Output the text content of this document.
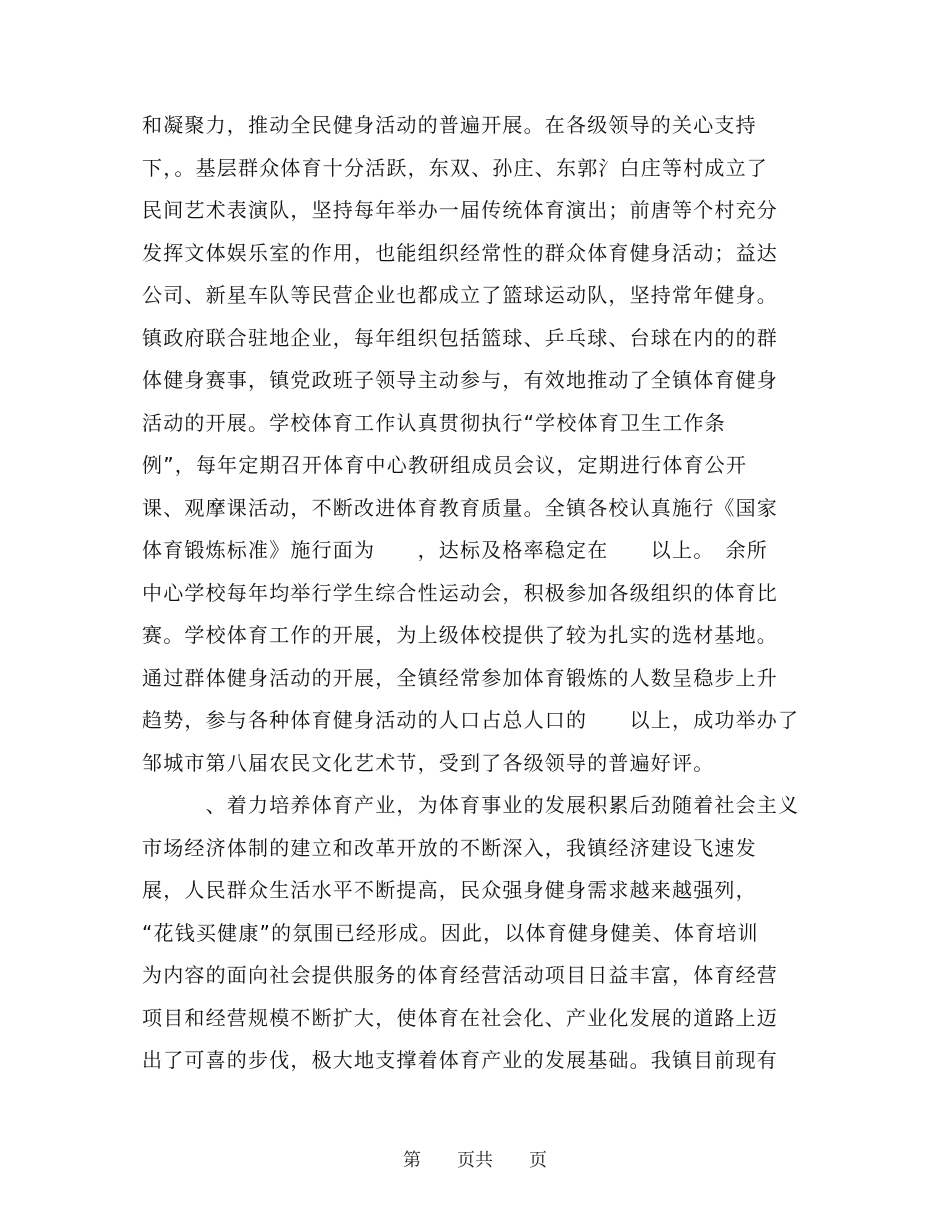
和凝聚力，推动全民健身活动的普遍开展。在各级领导的关心支持
下，。基层群众体育十分活跃，东双、孙庄、东郭氵白庄等村成立了
民间艺术表演队，坚持每年举办一届传统体育演出；前唐等个村充分
发挥文体娱乐室的作用，也能组织经常性的群众体育健身活动；益达
公司、新星车队等民营企业也都成立了篮球运动队，坚持常年健身。
镇政府联合驻地企业，每年组织包括篮球、乒乓球、台球在内的的群
体健身赛事，镇党政班子领导主动参与，有效地推动了全镇体育健身
活动的开展。学校体育工作认真贯彻执行“学校体育卫生工作条
例”，每年定期召开体育中心教研组成员会议，定期进行体育公开
课、观摩课活动，不断改进体育教育质量。全镇各校认真施行《国家
体育锻炼标准》施行面为　　，达标及格率稳定在　　以上。　余所
中心学校每年均举行学生综合性运动会，积极参加各级组织的体育比
赛。学校体育工作的开展，为上级体校提供了较为扎实的选材基地。
通过群体健身活动的开展，全镇经常参加体育锻炼的人数呈稳步上升
趋势，参与各种体育健身活动的人口占总人口的　　以上，成功举办了
邹城市第八届农民文化艺术节，受到了各级领导的普遍好评。
　　　、着力培养体育产业，为体育事业的发展积累后劲随着社会主义
市场经济体制的建立和改革开放的不断深入，我镇经济建设飞速发
展，人民群众生活水平不断提高，民众强身健身需求越来越强列，
“花钱买健康”的氛围已经形成。因此，以体育健身健美、体育培训
为内容的面向社会提供服务的体育经营活动项目日益丰富，体育经营
项目和经营规模不断扩大，使体育在社会化、产业化发展的道路上迈
出了可喜的步伐，极大地支撑着体育产业的发展基础。我镇目前现有
第　　页共　　页
